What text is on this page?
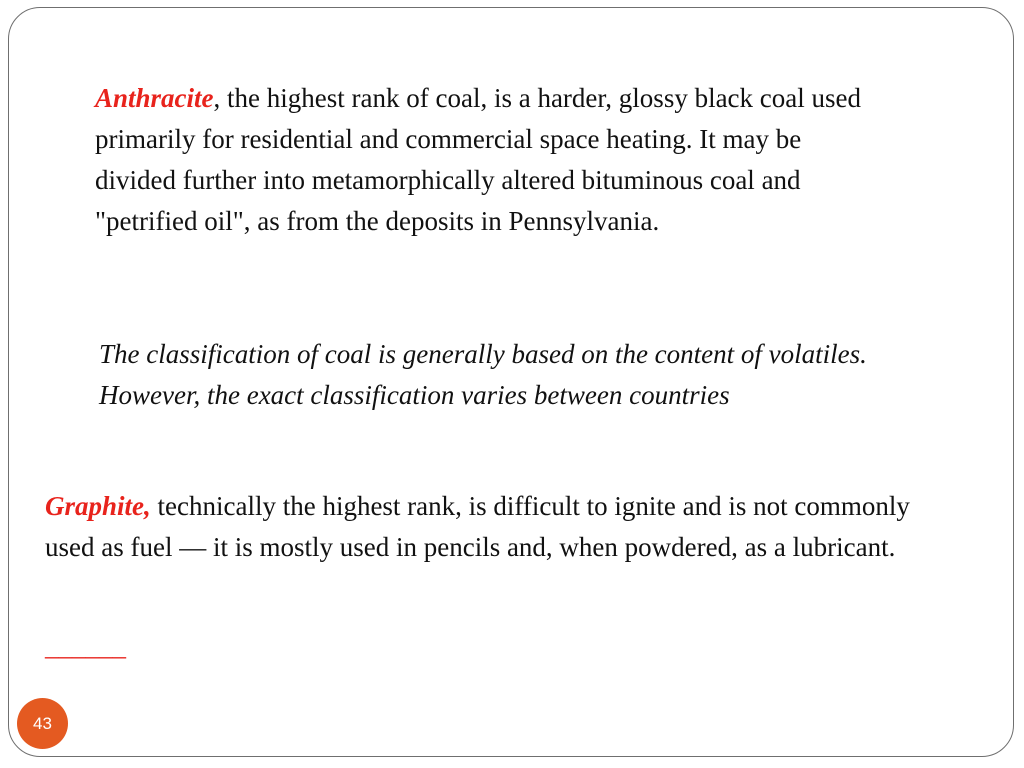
Anthracite, the highest rank of coal, is a harder, glossy black coal used primarily for residential and commercial space heating. It may be divided further into metamorphically altered bituminous coal and "petrified oil", as from the deposits in Pennsylvania.

The classification of coal is generally based on the content of volatiles. However, the exact classification varies between countries

Graphite, technically the highest rank, is difficult to ignite and is not commonly used as fuel — it is mostly used in pencils and, when powdered, as a lubricant.

______
43
